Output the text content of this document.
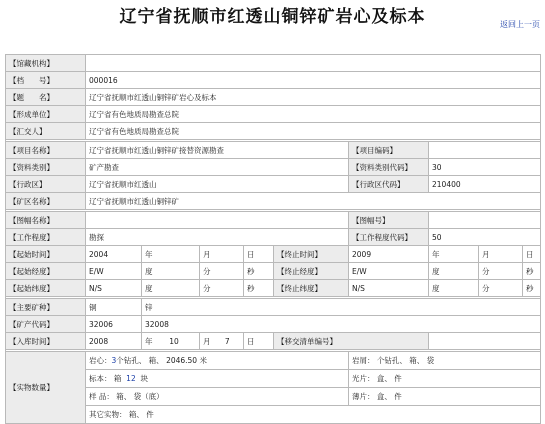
辽宁省抚顺市红透山铜锌矿岩心及标本	返回上一页
【馆藏机构】									
【档　　号】	000016								
【题　　名】	辽宁省抚顺市红透山铜锌矿岩心及标本								
【形成单位】	辽宁省有色地质局勘查总院								
【汇交人】	辽宁省有色地质局勘查总院								

【项目名称】	辽宁省抚顺市红透山铜锌矿接替资源勘查					【项目编码】			
【资料类别】	矿产勘查					【资料类别代码】	30		
【行政区】	辽宁省抚顺市红透山					【行政区代码】	210400		
【矿区名称】	辽宁省抚顺市红透山铜锌矿								

【图幅名称】						【图幅号】			
【工作程度】	勘探					【工作程度代码】	50		
【起始时间】	2004	年	月	日	【终止时间】	2009	年	月	日
【起始经度】	E/W	度	分	秒	【终止经度】	E/W	度	分	秒
【起始纬度】	N/S	度	分	秒	【终止纬度】	N/S	度	分	秒

【主要矿种】	铜	锌							
【矿产代码】	32006	32008							
【入库时间】	2008	年 10	月 7	日	【移交清单编号】				

【实物数量】	岩心：3个钻孔、 箱、 2046.50 米					岩屑： 个钻孔、 箱、 袋			
	标本： 箱 12 块					光片： 盒、 件			
	样 品： 箱、 袋（底）					薄片： 盒、 件			
	其它实物： 箱、 件								
